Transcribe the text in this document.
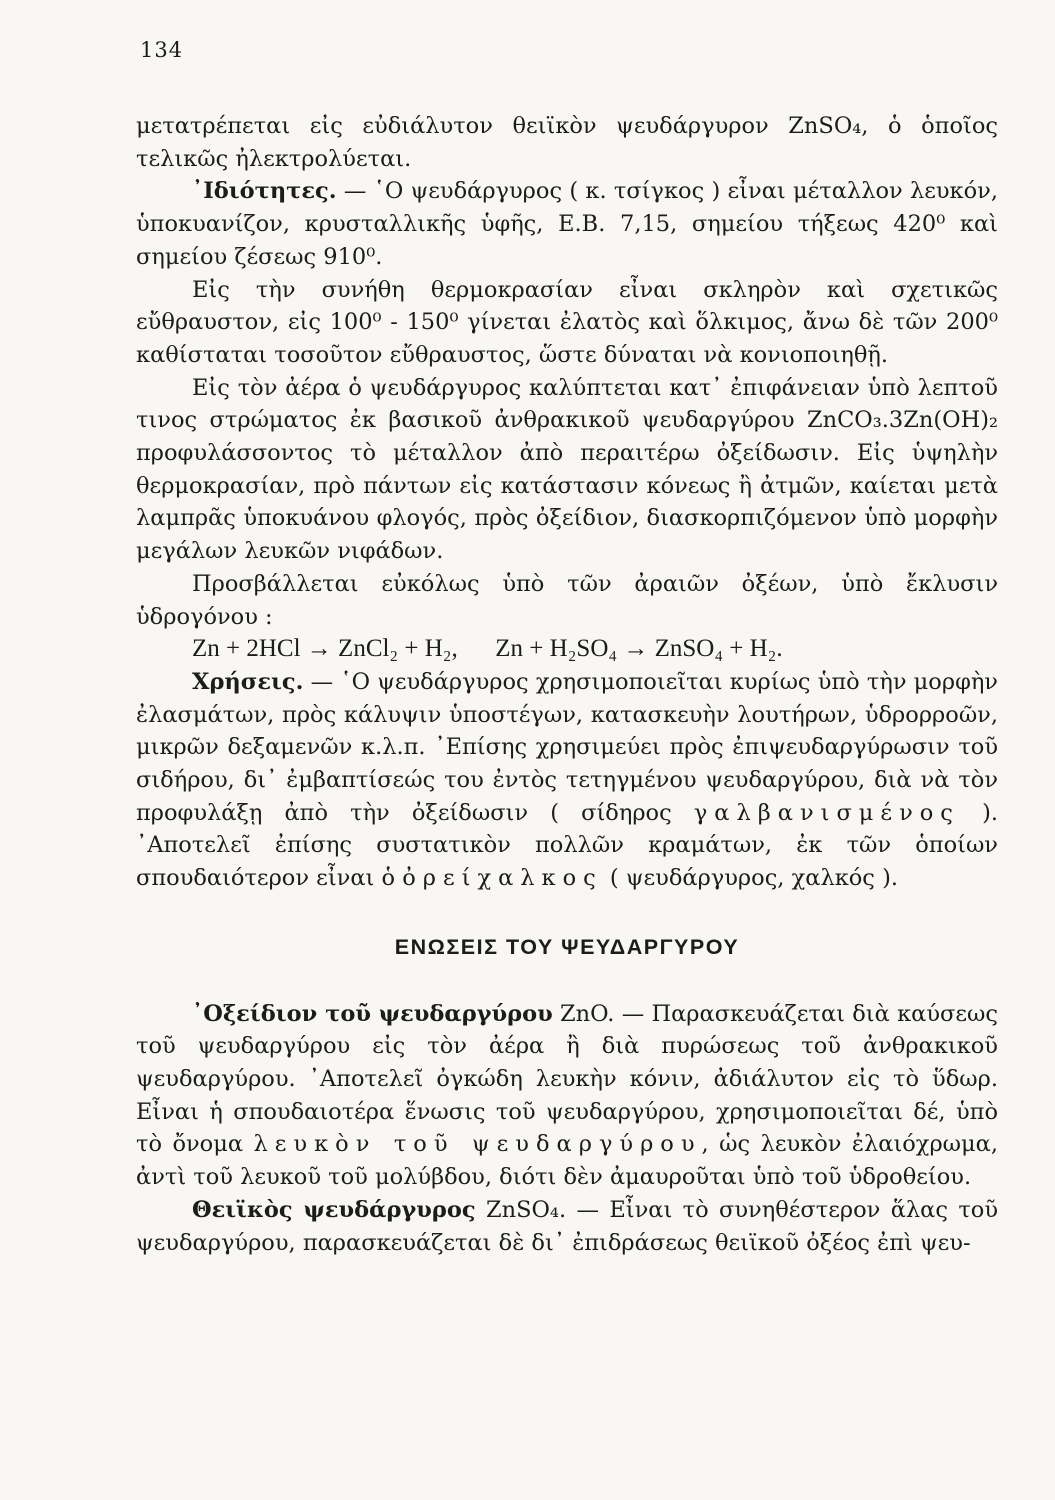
134

μετατρέπεται εἰς εὐδιάλυτον θειϊκὸν ψευδάργυρον ZnSO₄, ὁ ὁποῖος τελικῶς ἠλεκτρολύεται.

᾿Ιδιότητες. — ῾Ο ψευδάργυρος ( κ. τσίγκος ) εἶναι μέταλλον λευκόν, ὑποκυανίζον, κρυσταλλικῆς ὑφῆς, Ε.Β. 7,15, σημείου τήξεως 420⁰ καὶ σημείου ζέσεως 910⁰.

Εἰς τὴν συνήθη θερμοκρασίαν εἶναι σκληρὸν καὶ σχετικῶς εὔθραυστον, εἰς 100⁰ - 150⁰ γίνεται ἐλατὸς καὶ ὅλκιμος, ἄνω δὲ τῶν 200⁰ καθίσταται τοσοῦτον εὔθραυστος, ὥστε δύναται νὰ κονιοποιηθῇ.

Εἰς τὸν ἀέρα ὁ ψευδάργυρος καλύπτεται κατ᾿ ἐπιφάνειαν ὑπὸ λεπτοῦ τινος στρώματος ἐκ βασικοῦ ἀνθρακικοῦ ψευδαργύρου ZnCO₃.3Zn(OH)₂ προφυλάσσοντος τὸ μέταλλον ἀπὸ περαιτέρω ὀξείδωσιν. Εἰς ὑψηλὴν θερμοκρασίαν, πρὸ πάντων εἰς κατάστασιν κόνεως ἢ ἀτμῶν, καίεται μετὰ λαμπρᾶς ὑποκυάνου φλογός, πρὸς ὀξείδιον, διασκορπιζόμενον ὑπὸ μορφὴν μεγάλων λευκῶν νιφάδων.

Προσβάλλεται εὐκόλως ὑπὸ τῶν ἀραιῶν ὀξέων, ὑπὸ ἔκλυσιν ὑδρογόνου :

Zn + 2HCl → ZnCl₂ + H₂,      Zn + H₂SO₄ → ZnSO₄ + H₂.

Χρήσεις. — ῾Ο ψευδάργυρος χρησιμοποιεῖται κυρίως ὑπὸ τὴν μορφὴν ἐλασμάτων, πρὸς κάλυψιν ὑποστέγων, κατασκευὴν λουτήρων, ὑδρορροῶν, μικρῶν δεξαμενῶν κ.λ.π. ᾿Επίσης χρησιμεύει πρὸς ἐπιψευδαργύρωσιν τοῦ σιδήρου, δι᾿ ἐμβαπτίσεώς του ἐντὸς τετηγμένου ψευδαργύρου, διὰ νὰ τὸν προφυλάξῃ ἀπὸ τὴν ὀξείδωσιν ( σίδηρος γαλβανισμένος ). ᾿Αποτελεῖ ἐπίσης συστατικὸν πολλῶν κραμάτων, ἐκ τῶν ὁποίων σπουδαιότερον εἶναι ὁ ὀρείχαλκος ( ψευδάργυρος, χαλκός ).

ΕΝΩΣΕΙΣ ΤΟΥ ΨΕΥΔΑΡΓΥΡΟΥ

᾿Οξείδιον τοῦ ψευδαργύρου ZnO. — Παρασκευάζεται διὰ καύσεως τοῦ ψευδαργύρου εἰς τὸν ἀέρα ἢ διὰ πυρώσεως τοῦ ἀνθρακικοῦ ψευδαργύρου. ᾿Αποτελεῖ ὀγκώδη λευκὴν κόνιν, ἀδιάλυτον εἰς τὸ ὕδωρ. Εἶναι ἡ σπουδαιοτέρα ἕνωσις τοῦ ψευδαργύρου, χρησιμοποιεῖται δέ, ὑπὸ τὸ ὄνομα λευκὸν τοῦ ψευδαργύρου, ὡς λευκὸν ἐλαιόχρωμα, ἀντὶ τοῦ λευκοῦ τοῦ μολύβδου, διότι δὲν ἀμαυροῦται ὑπὸ τοῦ ὑδροθείου.

Θειϊκὸς ψευδάργυρος ZnSO₄. — Εἶναι τὸ συνηθέστερον ἅλας τοῦ ψευδαργύρου, παρασκευάζεται δὲ δι᾿ ἐπιδράσεως θειϊκοῦ ὀξέος ἐπὶ ψευ-
